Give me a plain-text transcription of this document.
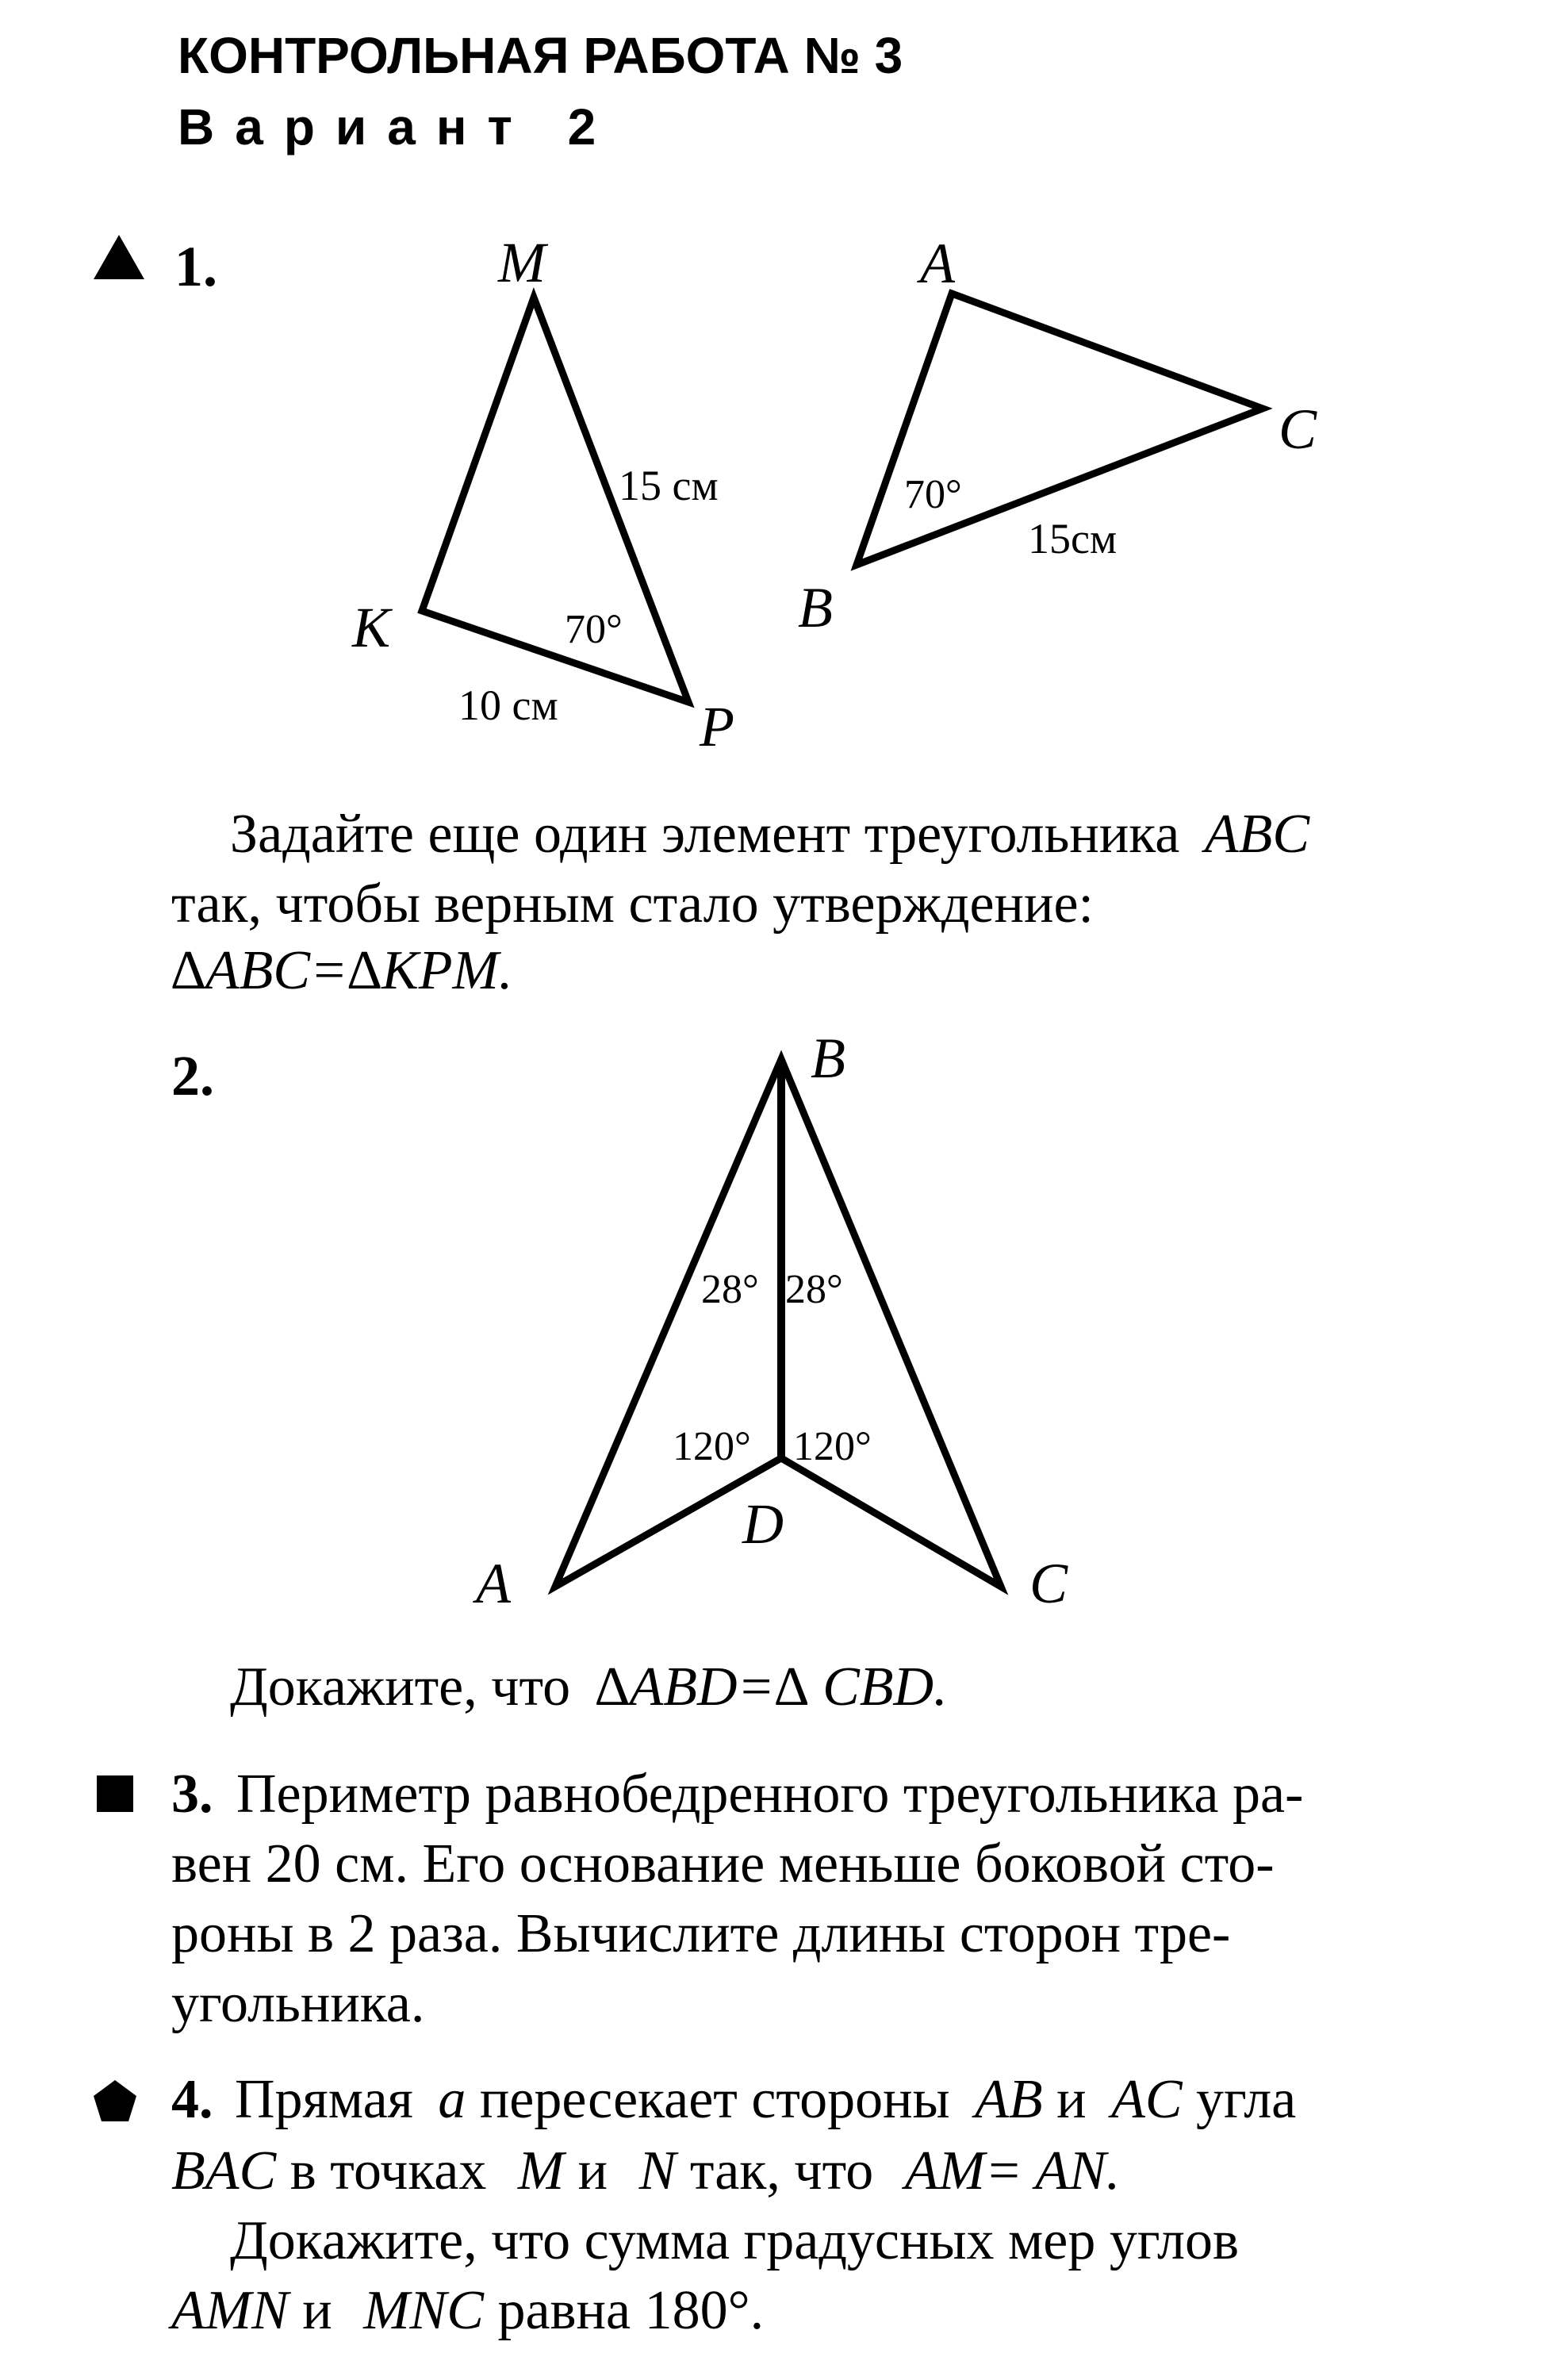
КОНТРОЛЬНАЯ РАБОТА № 3
Вариант 2
1.	M
K
P
15 см
70°
10 см
A
C
B
70°
15см
Задайте еще один элемент треугольника ABC
так, чтобы верным стало утверждение:
∆ABC=∆KPM.
2.	B
28° 28°
120° 120°
D
A	C
Докажите, что ∆ABD=∆ CBD.
3. Периметр равнобедренного треугольника ра-
вен 20 см. Его основание меньше боковой сто-
роны в 2 раза. Вычислите длины сторон тре-
угольника.
4. Прямая a пересекает стороны AB и AC угла
BAC в точках M и N так, что AM= AN.
Докажите, что сумма градусных мер углов
AMN и MNC равна 180°.
